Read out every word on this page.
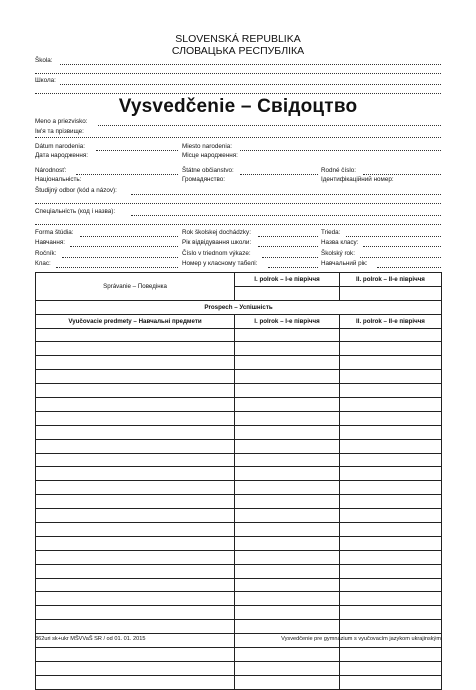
SLOVENSKÁ REPUBLIKA
СЛОВАЦЬКА РЕСПУБЛІКА
Škola:
Школа:
Vysvedčenie – Свідоцтво
Meno a priezvisko:
Ім'я та прізвище:
Dátum narodenia:	Miesto narodenia:
Дата народження:	Місце народження:
Národnosť:	Štátne občianstvo:	Rodné číslo:
Національність:	Громадянство:	Ідентифікаційний номер:
Študijný odbor (kód a názov):
Спеціальність (код і назва):
Forma štúdia:	Rok školskej dochádzky:	Trieda:
Навчання:	Рік відвідування школи:	Назва класу:
Ročník:	Číslo v triednom výkaze:	Školský rok:
Клас:	Номер у класному табелі:	Навчальний рік:
Správanie – Поведінка	I. polrok – I-e півріччя	II. polrok – II-e півріччя

Prospech – Успішність		
Vyučovacie predmety – Навчальні предмети	I. polrok – I-e півріччя	II. polrok – II-e півріччя

362uri sk+ukr MŠVVaŠ SR / od 01. 01. 2015	Vysvedčenie pre gymnázium s vyučovacím jazykom ukrajinským
